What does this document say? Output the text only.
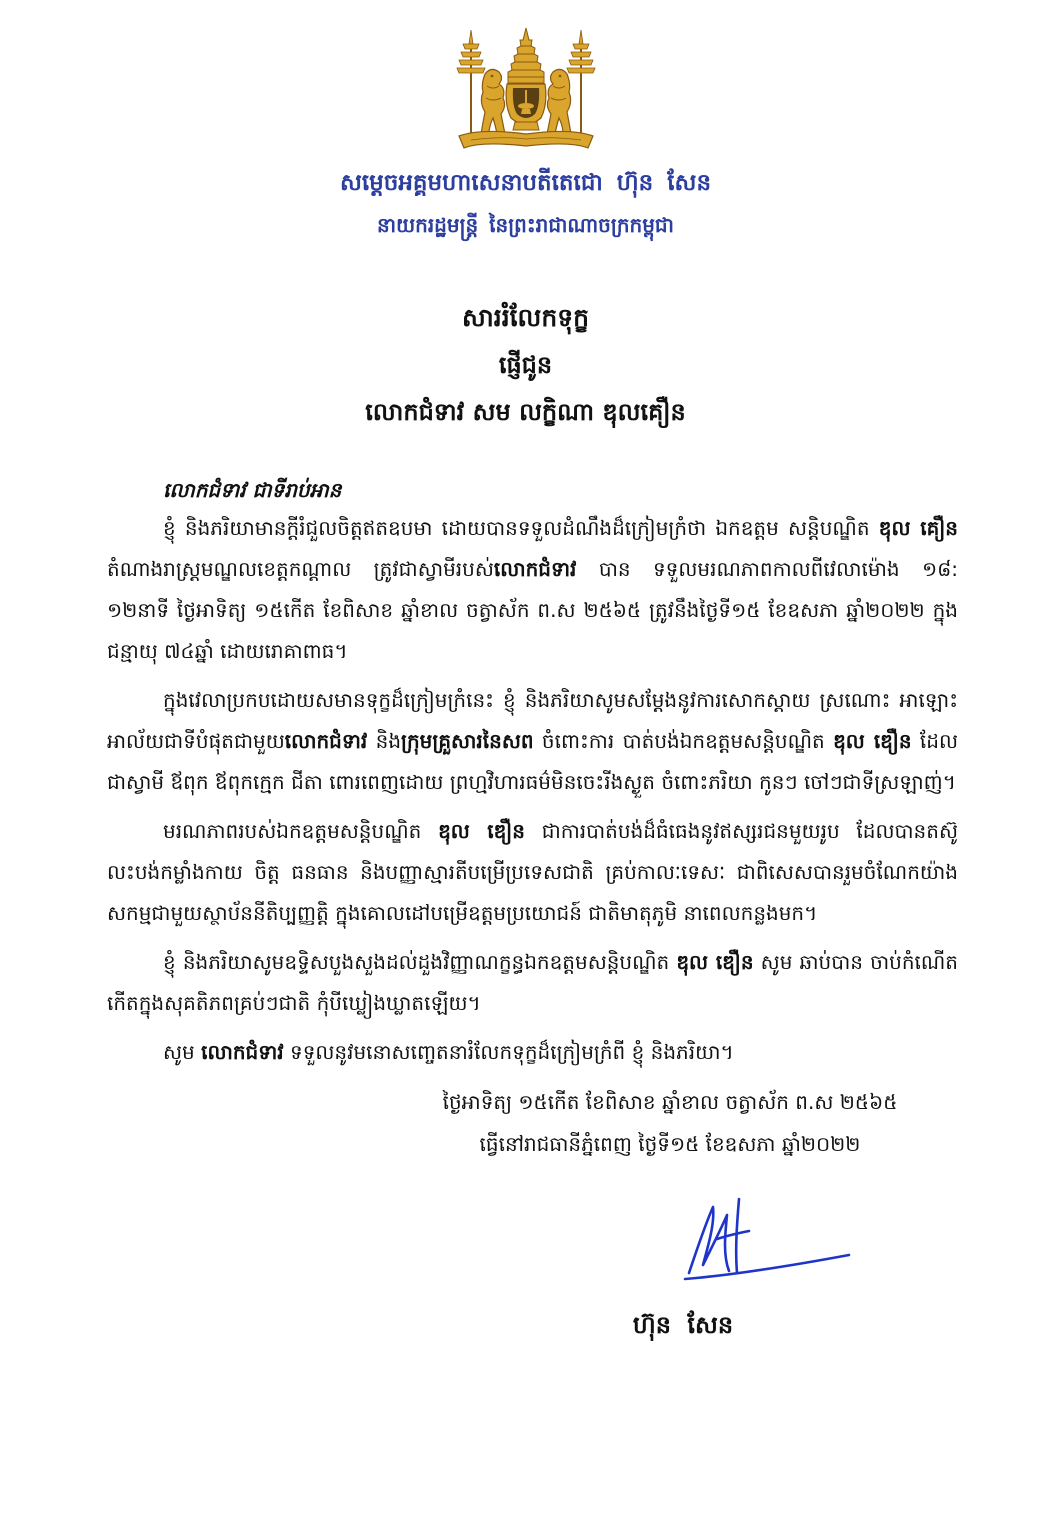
សម្តេចអគ្គមហាសេនាបតីតេជោ ហ៊ុន សែន
នាយករដ្ឋមន្ត្រី នៃព្រះរាជាណាចក្រកម្ពុជា
សាររំលែកទុក្ខ
ផ្ញើជូន
លោកជំទាវ សម លក្ខិណា ឌុលគឿន
លោកជំទាវ ជាទីរាប់អាន

ខ្ញុំ និងភរិយាមានក្តីរំជួលចិត្តឥតឧបមា ដោយបានទទួលដំណឹងដ៏ក្រៀមក្រំថា ឯកឧត្តម សន្តិបណ្ឌិត ឌុល គឿន តំណាងរាស្ត្រមណ្ឌលខេត្តកណ្តាល ត្រូវជាស្វាមីរបស់លោកជំទាវ បាន ទទួលមរណភាពកាលពីវេលាម៉ោង ១៨: ១២នាទី ថ្ងៃអាទិត្យ ១៥កើត ខែពិសាខ ឆ្នាំខាល ចត្វាស័ក ព.ស ២៥៦៥ ត្រូវនឹងថ្ងៃទី១៥ ខែឧសភា ឆ្នាំ២០២២ ក្នុងជន្មាយុ ៧៤ឆ្នាំ ដោយរោគាពាធ។

ក្នុងវេលាប្រកបដោយសមានទុក្ខដ៏ក្រៀមក្រំនេះ ខ្ញុំ និងភរិយាសូមសម្តែងនូវការសោកស្តាយ ស្រណោះ អាឡោះអាល័យជាទីបំផុតជាមួយលោកជំទាវ និងក្រុមគ្រួសារនៃសព ចំពោះការ បាត់បង់ឯកឧត្តមសន្តិបណ្ឌិត ឌុល ឌឿន ដែលជាស្វាមី ឪពុក ឪពុកក្មេក ជីតា ពោរពេញដោយ ព្រហ្មវិហារធម៌មិនចេះរីងស្ងួត ចំពោះភរិយា កូនៗ ចៅៗជាទីស្រឡាញ់។

មរណភាពរបស់ឯកឧត្តមសន្តិបណ្ឌិត ឌុល ឌឿន ជាការបាត់បង់ដ៏ធំធេងនូវឥស្សរជនមួយរូប ដែលបានតស៊ូ លះបង់កម្លាំងកាយ ចិត្ត ធនធាន និងបញ្ញាស្មារតីបម្រើប្រទេសជាតិ គ្រប់កាលៈទេសៈ ជាពិសេសបានរួមចំណែកយ៉ាងសកម្មជាមួយស្ថាប័ននីតិប្បញ្ញត្តិ ក្នុងគោលដៅបម្រើឧត្តមប្រយោជន៍ ជាតិមាតុភូមិ នាពេលកន្លងមក។

ខ្ញុំ និងភរិយាសូមឧទ្ទិសបួងសួងដល់ដួងវិញ្ញាណក្ខន្ធឯកឧត្តមសន្តិបណ្ឌិត ឌុល ឌឿន សូម ឆាប់បាន ចាប់កំណើតកើតក្នុងសុគតិភពគ្រប់ៗជាតិ កុំបីឃ្លៀងឃ្លាតឡើយ។

សូម លោកជំទាវ ទទួលនូវមនោសញ្ចេតនារំលែកទុក្ខដ៏ក្រៀមក្រំពី ខ្ញុំ និងភរិយា។

ថ្ងៃអាទិត្យ ១៥កើត ខែពិសាខ ឆ្នាំខាល ចត្វាស័ក ព.ស ២៥៦៥
ធ្វើនៅរាជធានីភ្នំពេញ ថ្ងៃទី១៥ ខែឧសភា ឆ្នាំ២០២២
ហ៊ុន សែន
